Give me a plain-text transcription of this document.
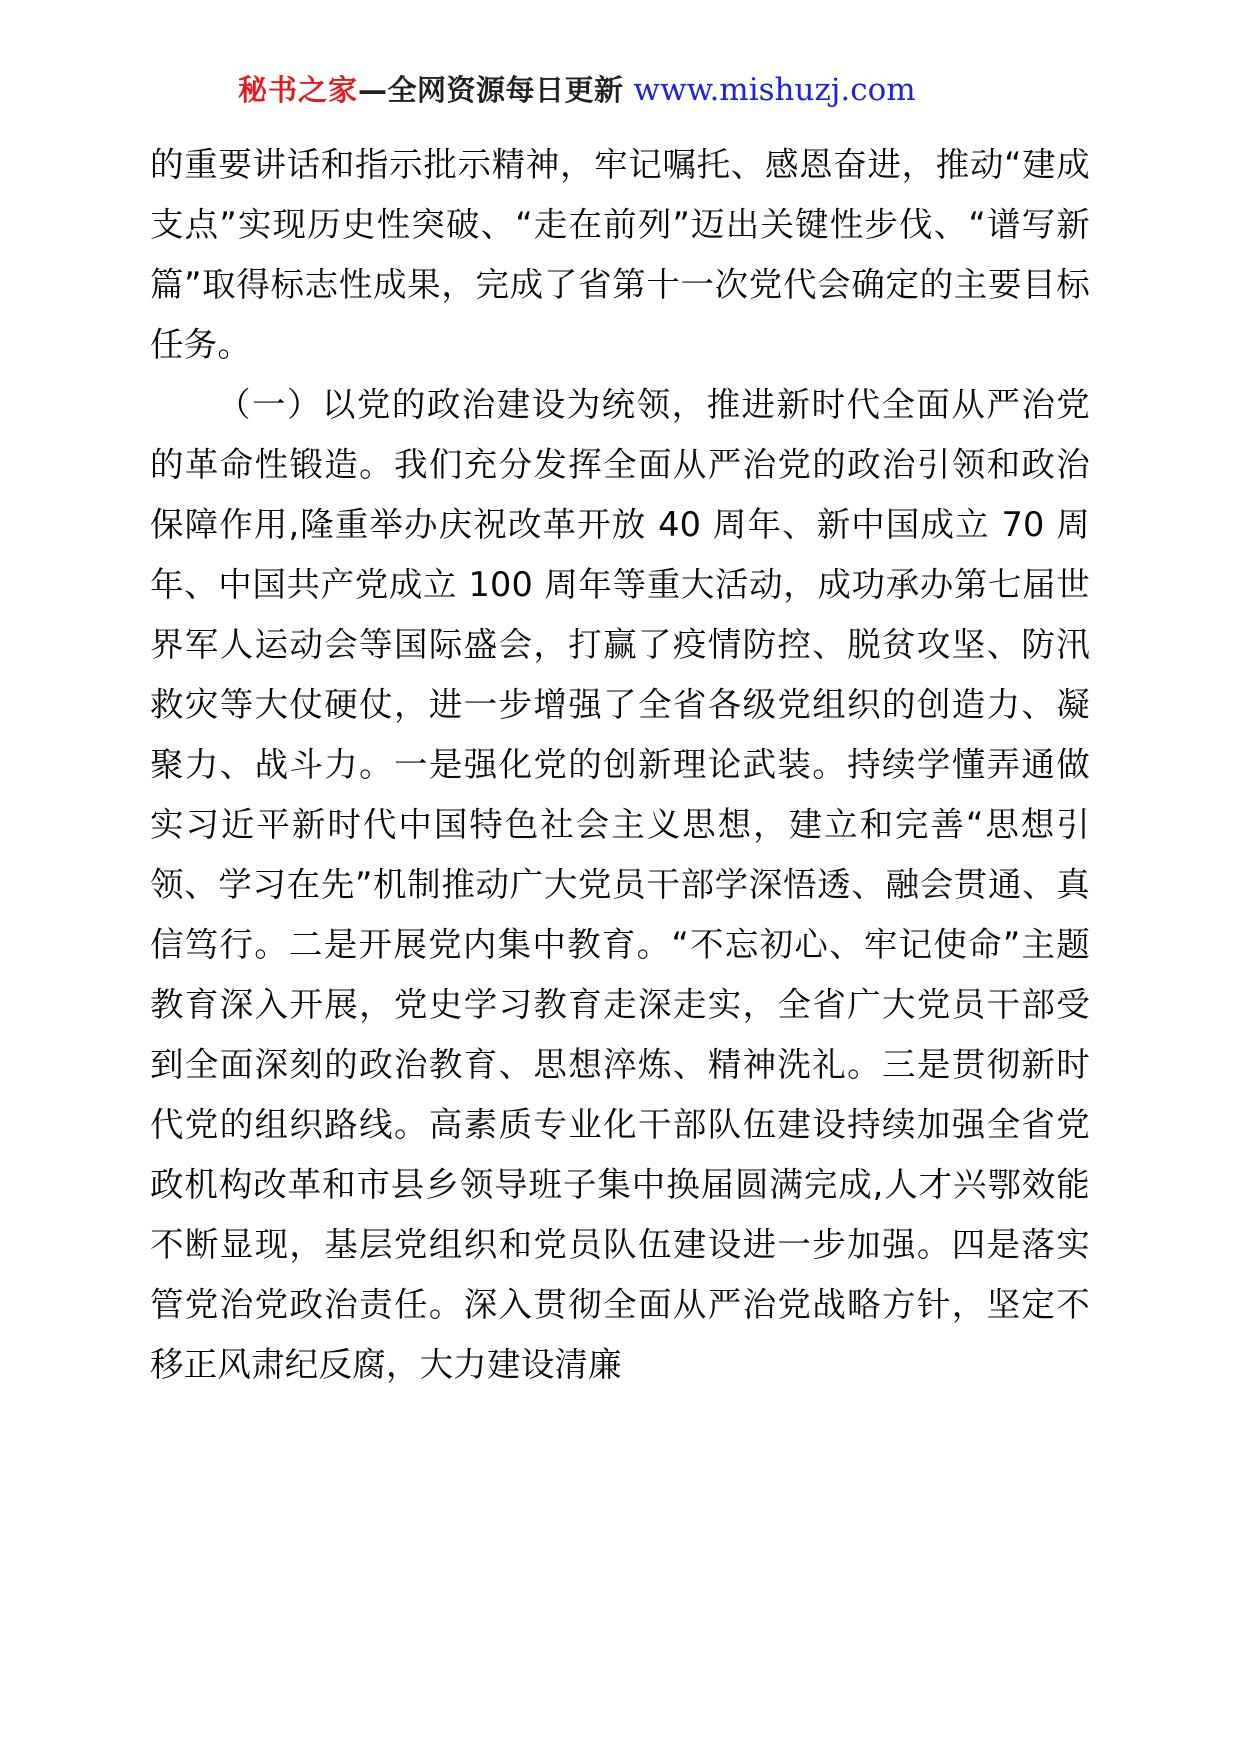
秘书之家 —全网资源每日更新 www.mishuzj.com

的重要讲话和指示批示精神，牢记嘱托、感恩奋进，推动“建成支点”实现历史性突破、“走在前列”迈出关键性步伐、“谱写新篇”取得标志性成果，完成了省第十一次党代会确定的主要目标任务。

（一）以党的政治建设为统领，推进新时代全面从严治党的革命性锻造。我们充分发挥全面从严治党的政治引领和政治保障作用,隆重举办庆祝改革开放 40 周年、新中国成立 70 周年、中国共产党成立 100 周年等重大活动，成功承办第七届世界军人运动会等国际盛会，打赢了疫情防控、脱贫攻坚、防汛救灾等大仗硬仗，进一步增强了全省各级党组织的创造力、凝聚力、战斗力。一是强化党的创新理论武装。持续学懂弄通做实习近平新时代中国特色社会主义思想，建立和完善“思想引领、学习在先”机制推动广大党员干部学深悟透、融会贯通、真信笃行。二是开展党内集中教育。“不忘初心、牢记使命”主题教育深入开展，党史学习教育走深走实，全省广大党员干部受到全面深刻的政治教育、思想淬炼、精神洗礼。三是贯彻新时代党的组织路线。高素质专业化干部队伍建设持续加强全省党政机构改革和市县乡领导班子集中换届圆满完成,人才兴鄂效能不断显现，基层党组织和党员队伍建设进一步加强。四是落实管党治党政治责任。深入贯彻全面从严治党战略方针，坚定不移正风肃纪反腐，大力建设清廉
